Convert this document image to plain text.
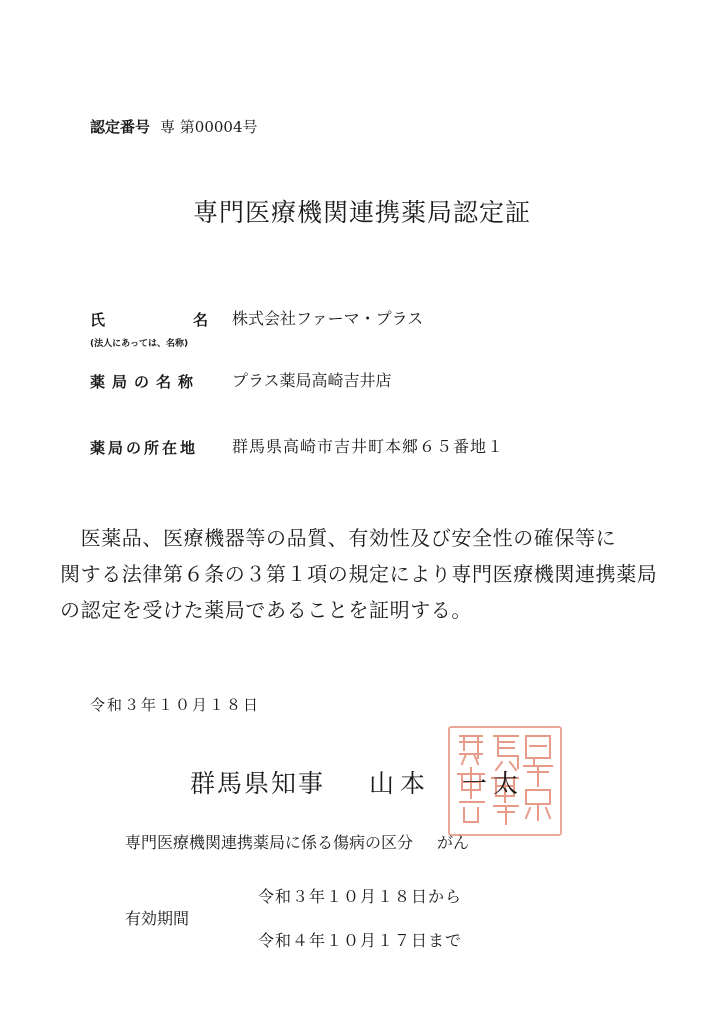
認定番号 専 第00004号
専門医療機関連携薬局認定証
氏	名
株式会社ファーマ・プラス
(法人にあっては、名称)
薬局の名称 プラス薬局高崎吉井店
薬局の所在地 群馬県高崎市吉井町本郷６５番地１

　医薬品、医療機器等の品質、有効性及び安全性の確保等に

関する法律第６条の３第１項の規定により専門医療機関連携薬局

の認定を受けた薬局であることを証明する。

令和３年１０月１８日
群馬県知事 山本　一太
専門医療機関連携薬局に係る傷病の区分 がん
有効期間
令和３年１０月１８日から
令和４年１０月１７日まで
